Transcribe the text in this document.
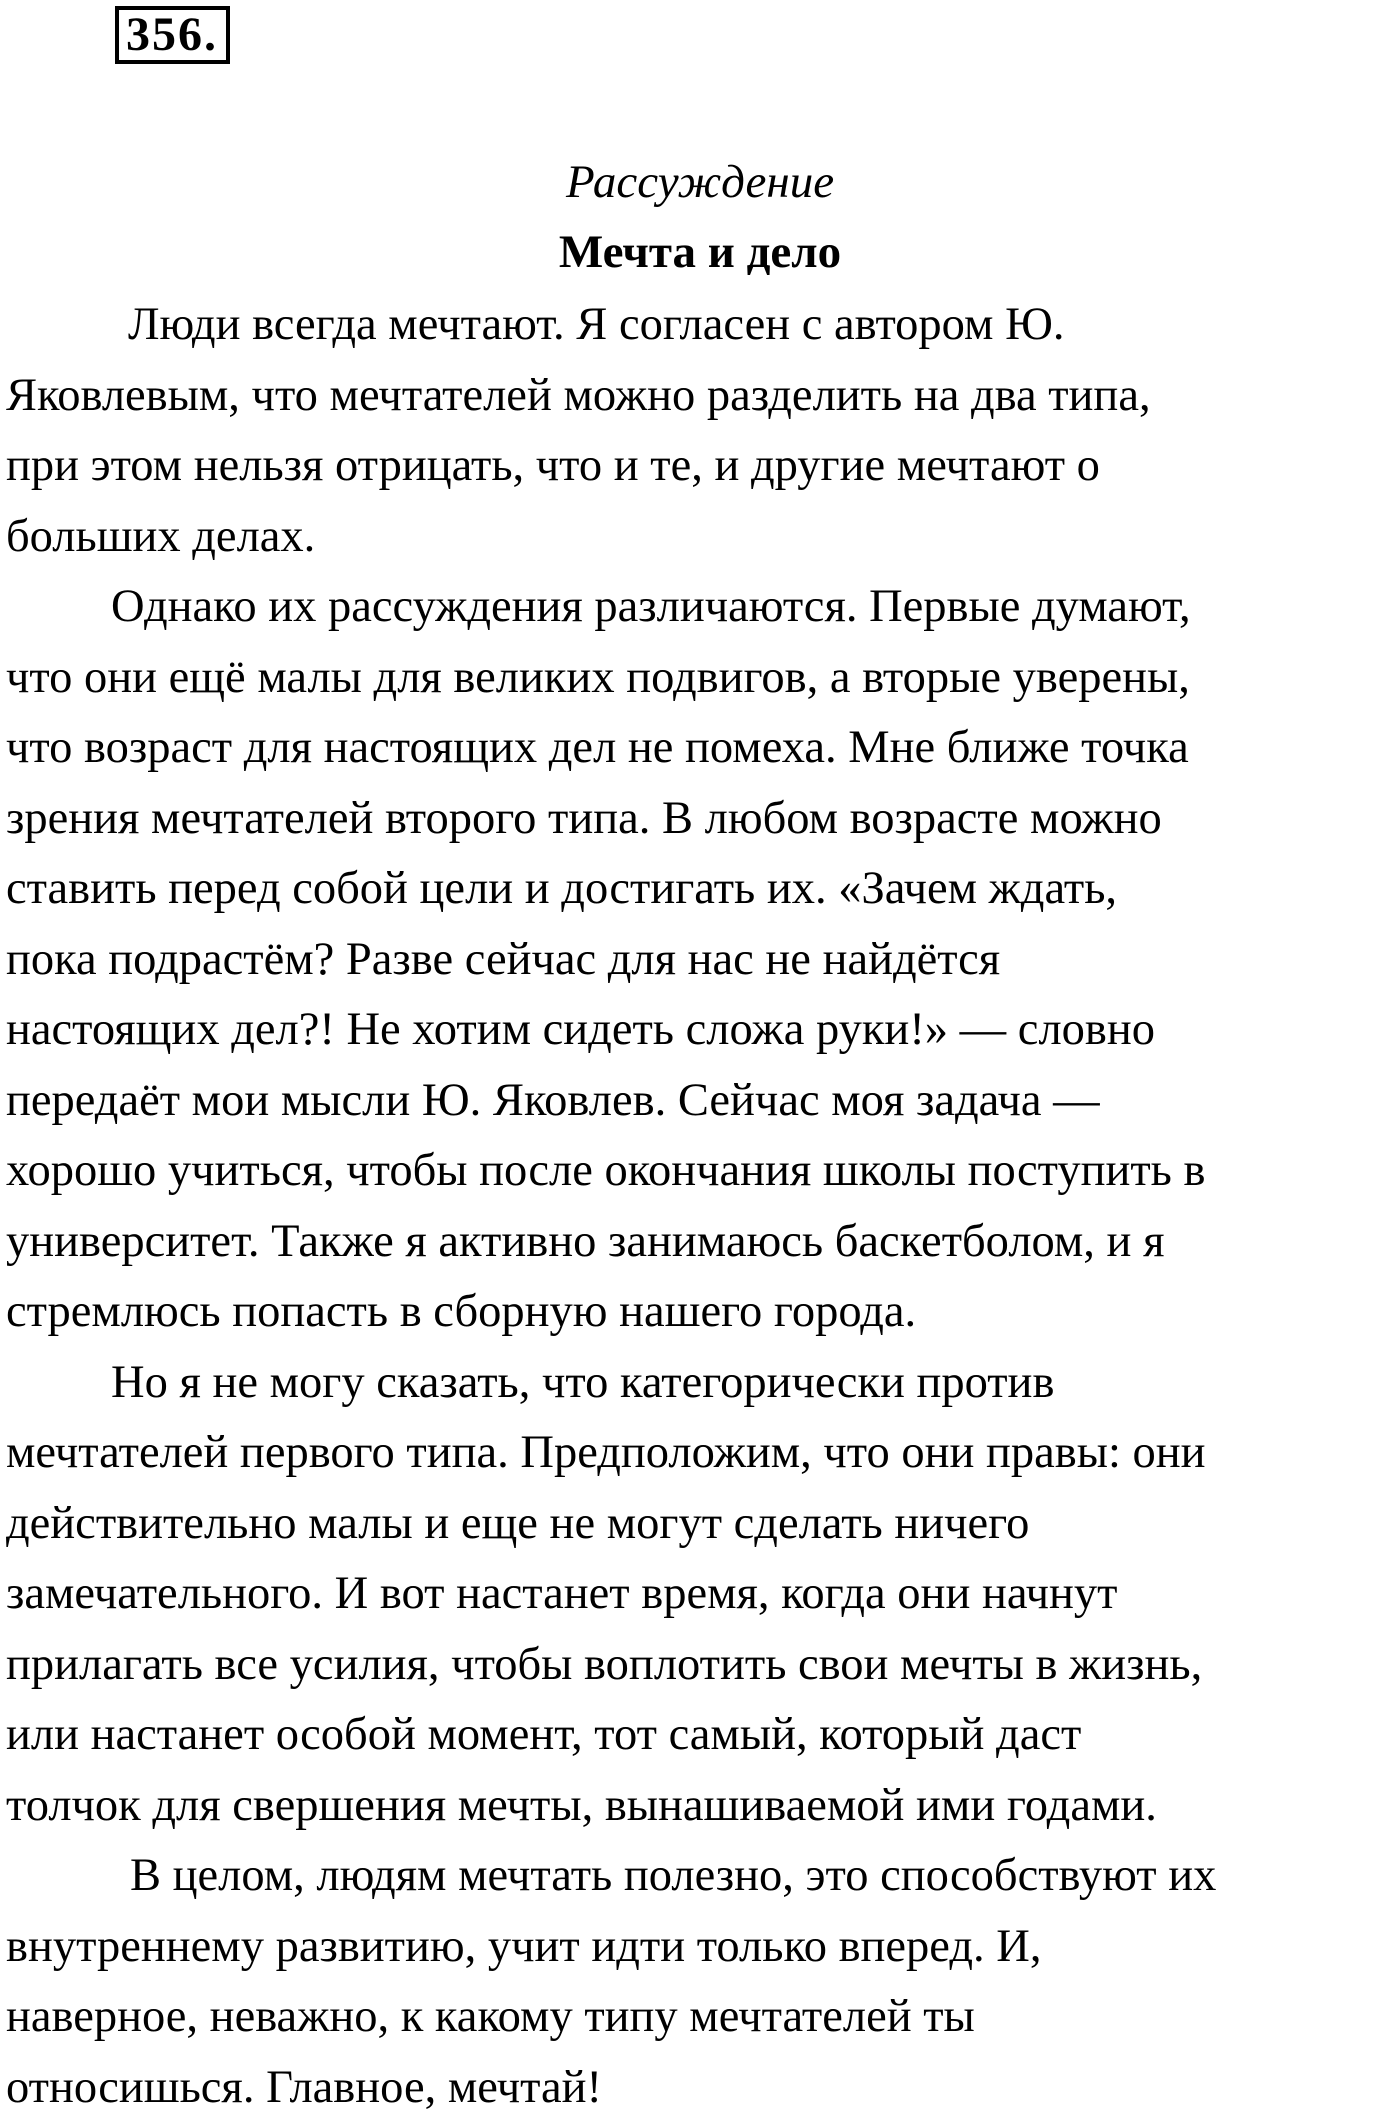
356.
Рассуждение
Мечта и дело
Люди всегда мечтают. Я согласен с автором Ю.
Яковлевым, что мечтателей можно разделить на два типа,
при этом нельзя отрицать, что и те, и другие мечтают о
больших делах.
Однако их рассуждения различаются. Первые думают,
что они ещё малы для великих подвигов, а вторые уверены,
что возраст для настоящих дел не помеха. Мне ближе точка
зрения мечтателей второго типа. В любом возрасте можно
ставить перед собой цели и достигать их. «Зачем ждать,
пока подрастём? Разве сейчас для нас не найдётся
настоящих дел?! Не хотим сидеть сложа руки!» — словно
передаёт мои мысли Ю. Яковлев. Сейчас моя задача —
хорошо учиться, чтобы после окончания школы поступить в
университет. Также я активно занимаюсь баскетболом, и я
стремлюсь попасть в сборную нашего города.
Но я не могу сказать, что категорически против
мечтателей первого типа. Предположим, что они правы: они
действительно малы и еще не могут сделать ничего
замечательного. И вот настанет время, когда они начнут
прилагать все усилия, чтобы воплотить свои мечты в жизнь,
или настанет особой момент, тот самый, который даст
толчок для свершения мечты, вынашиваемой ими годами.
В целом, людям мечтать полезно, это способствуют их
внутреннему развитию, учит идти только вперед. И,
наверное, неважно, к какому типу мечтателей ты
относишься. Главное, мечтай!
